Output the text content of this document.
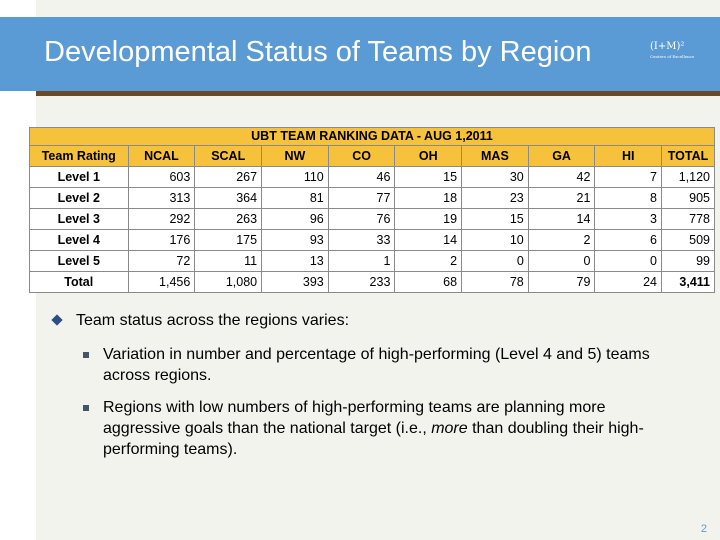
Developmental Status of Teams by Region	(I+M)²
Centers of Excellence
UBT TEAM RANKING DATA - AUG 1,2011									
Team Rating	NCAL	SCAL	NW	CO	OH	MAS	GA	HI	TOTAL
Level 1	603	267	110	46	15	30	42	7	1,120
Level 2	313	364	81	77	18	23	21	8	905
Level 3	292	263	96	76	19	15	14	3	778
Level 4	176	175	93	33	14	10	2	6	509
Level 5	72	11	13	1	2	0	0	0	99
Total	1,456	1,080	393	233	68	78	79	24	3,411
Team status across the regions varies:
Variation in number and percentage of high-performing (Level 4 and 5) teams across regions.
Regions with low numbers of high-performing teams are planning more aggressive goals than the national target (i.e., more than doubling their high-performing teams).
2
